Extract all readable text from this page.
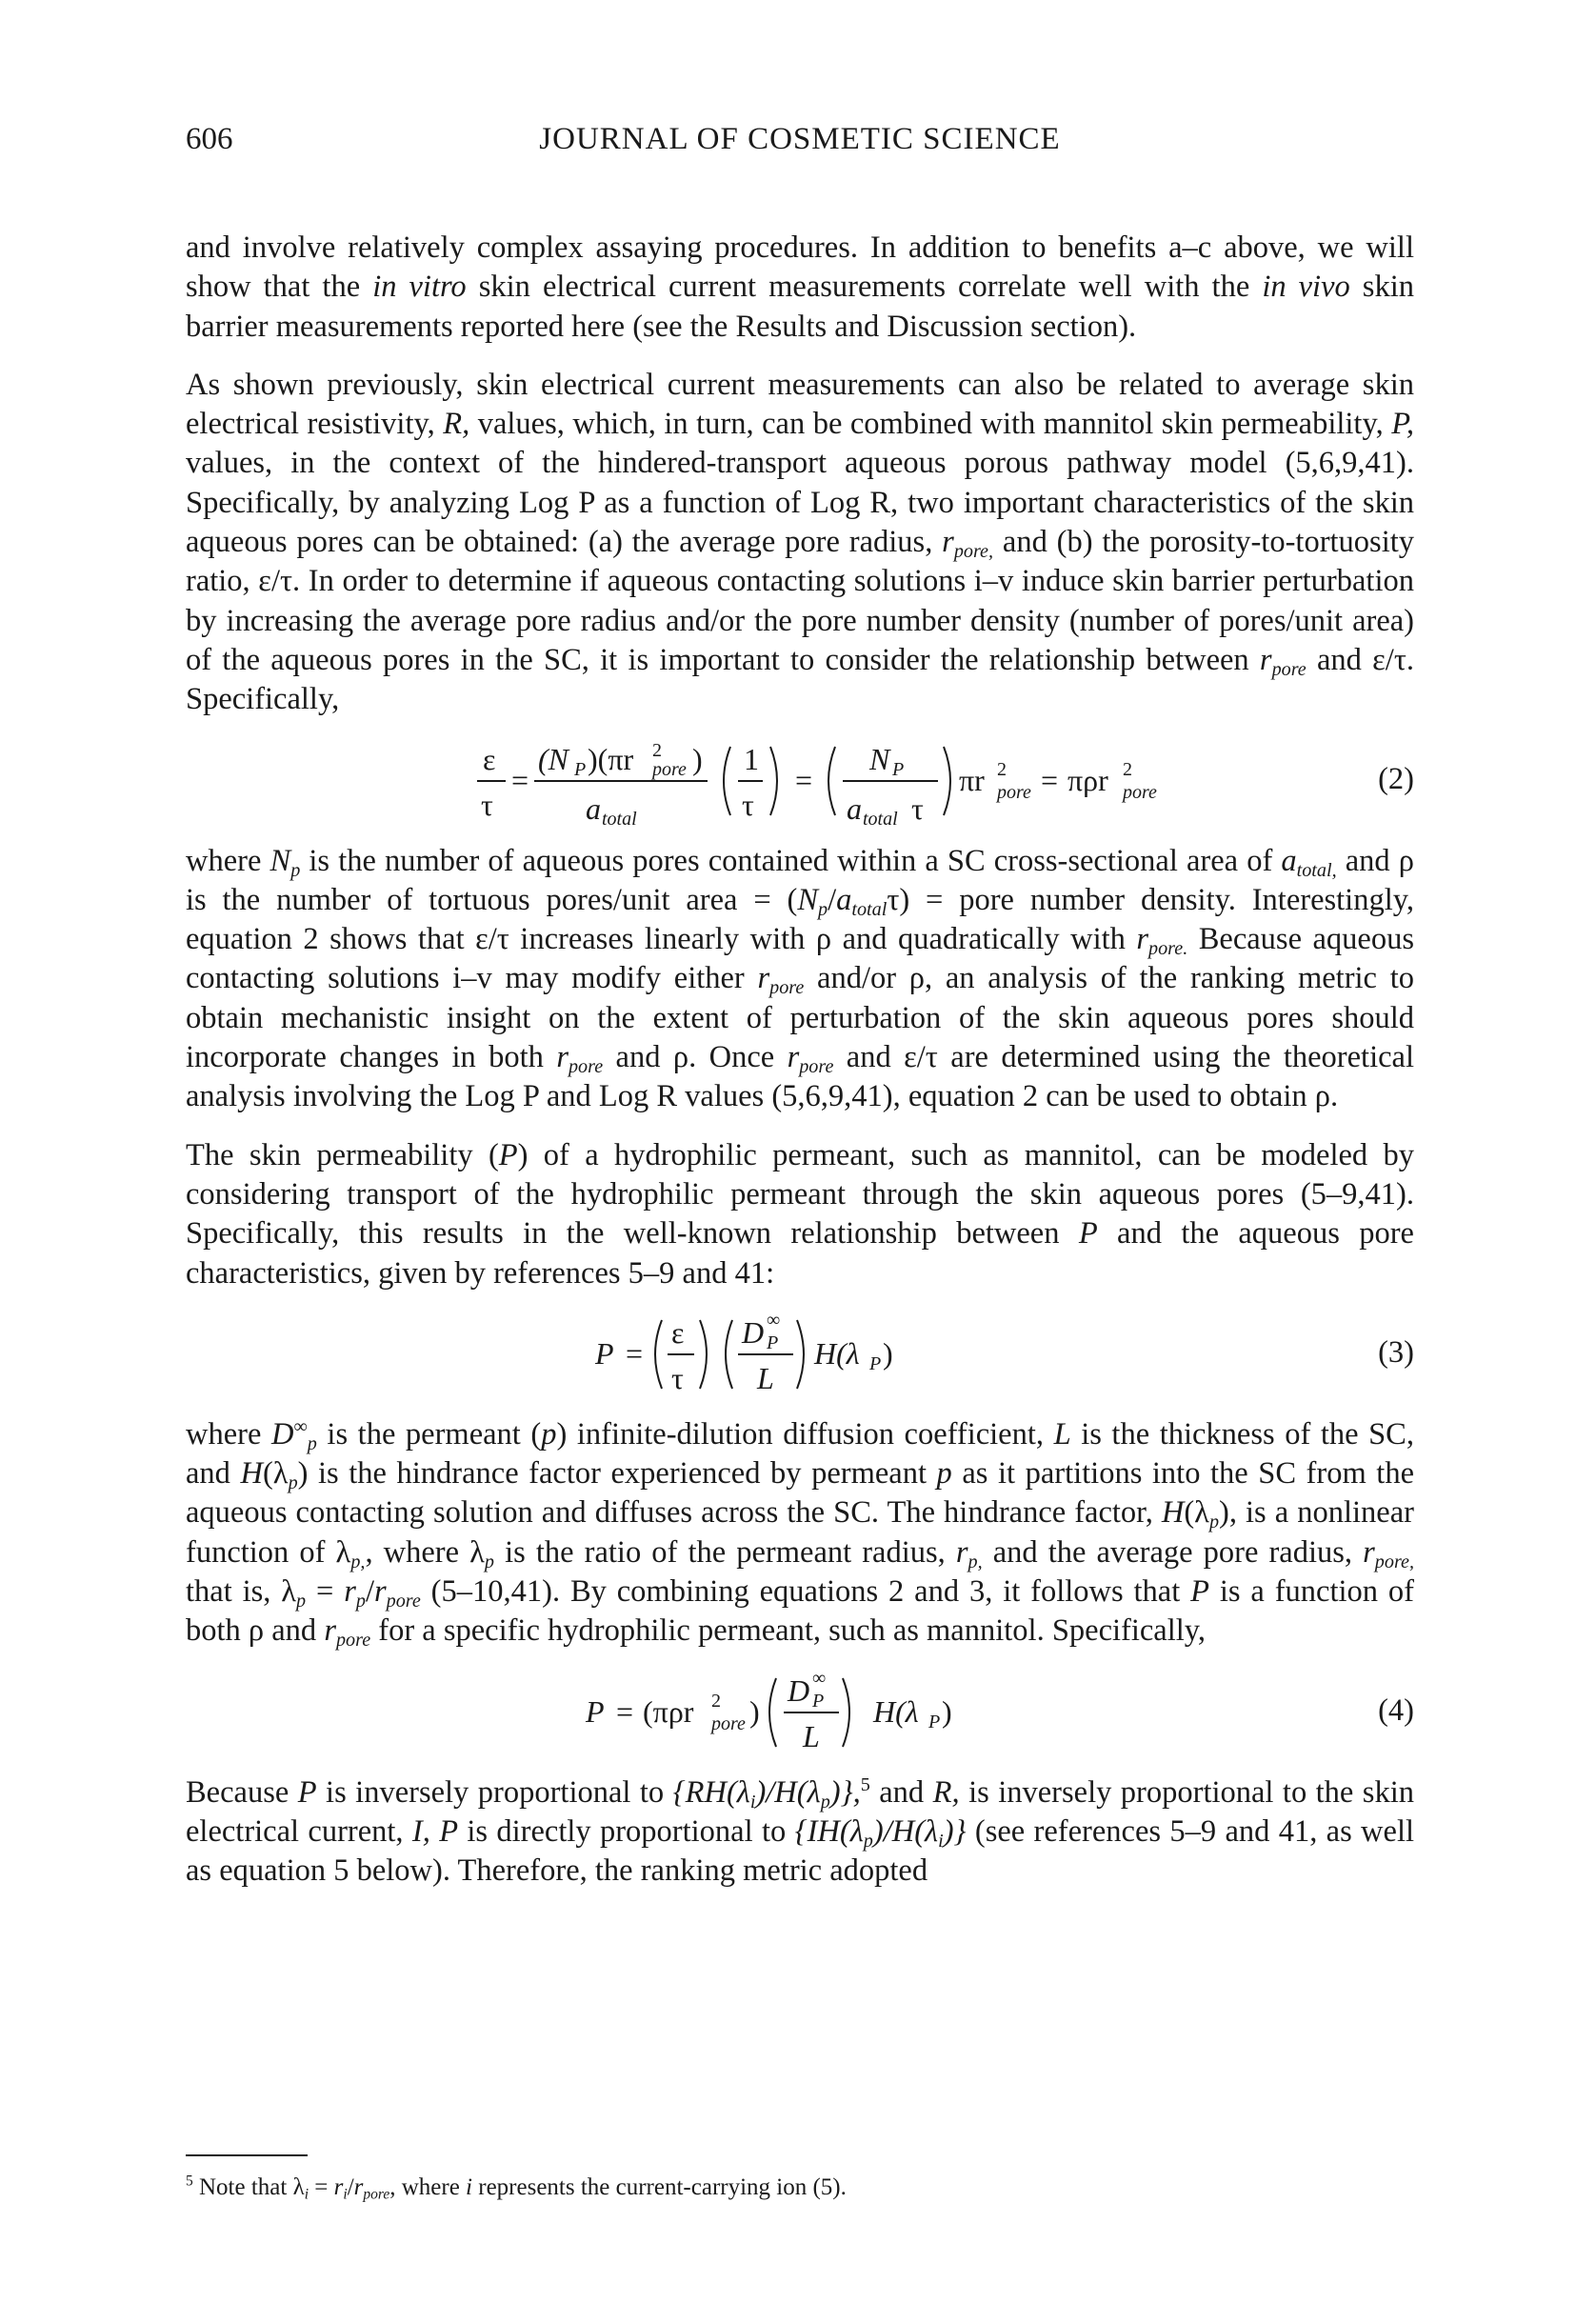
606	JOURNAL OF COSMETIC SCIENCE

and involve relatively complex assaying procedures. In addition to benefits a–c above, we will show that the in vitro skin electrical current measurements correlate well with the in vivo skin barrier measurements reported here (see the Results and Discussion section).

As shown previously, skin electrical current measurements can also be related to average skin electrical resistivity, R, values, which, in turn, can be combined with mannitol skin permeability, P, values, in the context of the hindered-transport aqueous porous pathway model (5,6,9,41). Specifically, by analyzing Log P as a function of Log R, two important characteristics of the skin aqueous pores can be obtained: (a) the average pore radius, $r_{pore,}$ and (b) the porosity-to-tortuosity ratio, ε/τ. In order to determine if aqueous contacting solutions i–v induce skin barrier perturbation by increasing the average pore radius and/or the pore number density (number of pores/unit area) of the aqueous pores in the SC, it is important to consider the relationship between $r_{pore}$ and ε/τ. Specifically,

ε
τ
=
(N P )(πr 2
pore )
a total
1
τ
=
N P
a total τ
πr 2
pore = πρr 2
pore	(2)

where $N_p$ is the number of aqueous pores contained within a SC cross-sectional area of $a_{total,}$ and ρ is the number of tortuous pores/unit area = $(N_p/a_{total}\tau)$ = pore number density. Interestingly, equation 2 shows that ε/τ increases linearly with ρ and quadratically with $r_{pore.}$ Because aqueous contacting solutions i–v may modify either $r_{pore}$ and/or ρ, an analysis of the ranking metric to obtain mechanistic insight on the extent of perturbation of the skin aqueous pores should incorporate changes in both $r_{pore}$ and ρ. Once $r_{pore}$ and ε/τ are determined using the theoretical analysis involving the Log P and Log R values (5,6,9,41), equation 2 can be used to obtain ρ.

The skin permeability (P) of a hydrophilic permeant, such as mannitol, can be modeled by considering transport of the hydrophilic permeant through the skin aqueous pores (5–9,41). Specifically, this results in the well-known relationship between P and the aqueous pore characteristics, given by references 5–9 and 41:

P =
ε
τ
D ∞
P
L
H(λ P )	(3)

where $D^\infty_p$ is the permeant (p) infinite-dilution diffusion coefficient, L is the thickness of the SC, and $H(\lambda_p)$ is the hindrance factor experienced by permeant p as it partitions into the SC from the aqueous contacting solution and diffuses across the SC. The hindrance factor, $H(\lambda_p)$, is a nonlinear function of $\lambda_{p,}$, where $\lambda_p$ is the ratio of the permeant radius, $r_{p,}$ and the average pore radius, $r_{pore,}$ that is, $\lambda_p = r_p/r_{pore}$ (5–10,41). By combining equations 2 and 3, it follows that P is a function of both ρ and $r_{pore}$ for a specific hydrophilic permeant, such as mannitol. Specifically,

P = (πρr 2
pore )
D ∞
P
L
H(λ P )	(4)

Because P is inversely proportional to $\{RH(\lambda_i)/H(\lambda_p)\},^5$ and R, is inversely proportional to the skin electrical current, I, P is directly proportional to $\{IH(\lambda_p)/H(\lambda_i)\}$ (see references 5–9 and 41, as well as equation 5 below). Therefore, the ranking metric adopted

$^5$ Note that $\lambda_i = r_i/r_{pore}$, where i represents the current-carrying ion (5).
